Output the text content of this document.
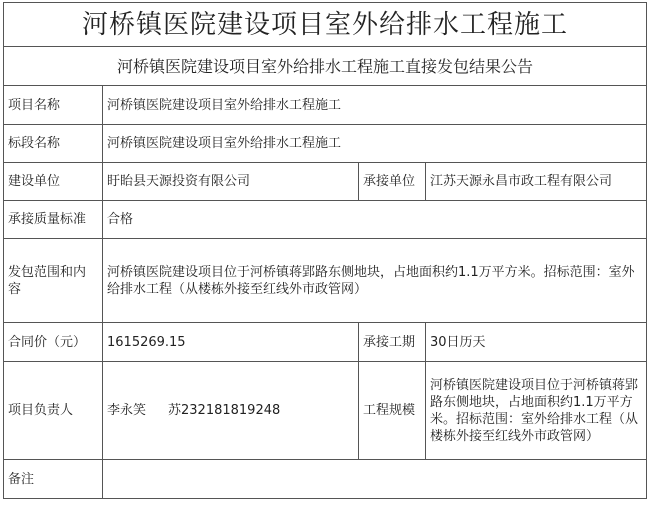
河桥镇医院建设项目室外给排水工程施工			
河桥镇医院建设项目室外给排水工程施工直接发包结果公告			
项目名称	河桥镇医院建设项目室外给排水工程施工		
标段名称	河桥镇医院建设项目室外给排水工程施工		
建设单位	盱眙县天源投资有限公司	承接单位	江苏天源永昌市政工程有限公司
承接质量标准	合格		
发包范围和内容	河桥镇医院建设项目位于河桥镇蒋郢路东侧地块，占地面积约1.1万平方米。招标范围：室外给排水工程（从楼栋外接至红线外市政管网）		
合同价（元）	1615269.15	承接工期	30日历天
项目负责人	李永笑 苏232181819248	工程规模	河桥镇医院建设项目位于河桥镇蒋郢路东侧地块，占地面积约1.1万平方米。招标范围：室外给排水工程（从楼栋外接至红线外市政管网）
备注			
